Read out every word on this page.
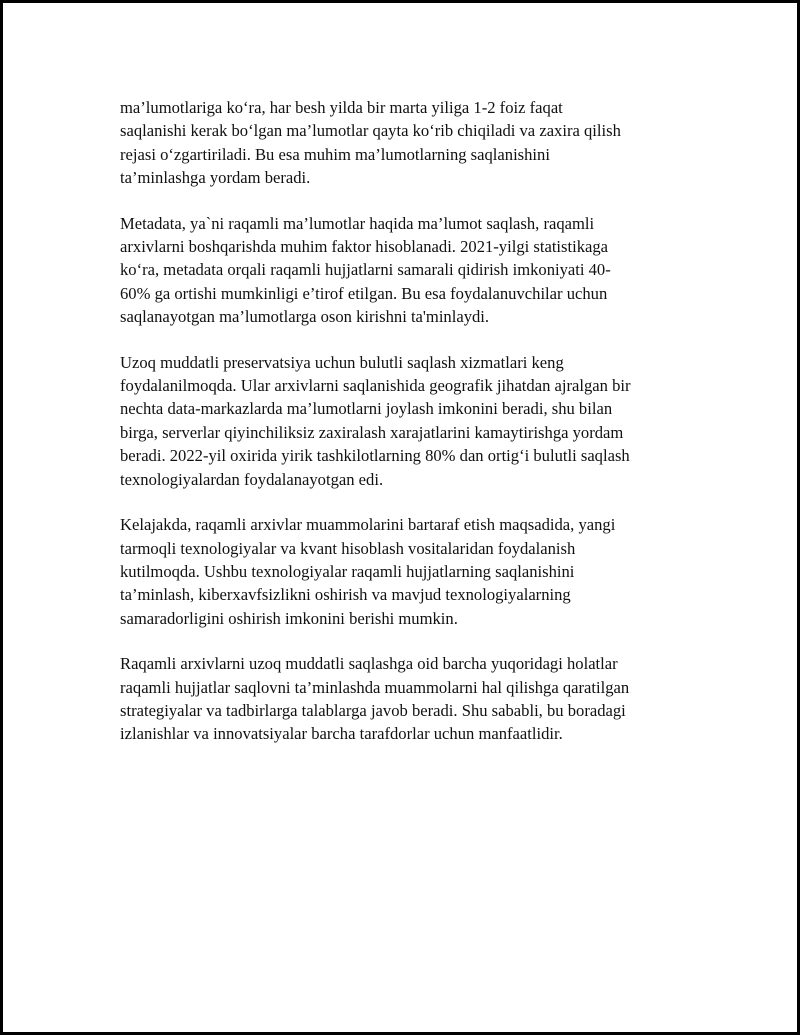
ma’lumotlariga ko‘ra, har besh yilda bir marta yiliga 1-2 foiz faqat
saqlanishi kerak bo‘lgan ma’lumotlar qayta ko‘rib chiqiladi va zaxira qilish
rejasi o‘zgartiriladi. Bu esa muhim ma’lumotlarning saqlanishini
ta’minlashga yordam beradi.

Metadata, ya`ni raqamli ma’lumotlar haqida ma’lumot saqlash, raqamli
arxivlarni boshqarishda muhim faktor hisoblanadi. 2021-yilgi statistikaga
ko‘ra, metadata orqali raqamli hujjatlarni samarali qidirish imkoniyati 40-
60% ga ortishi mumkinligi e’tirof etilgan. Bu esa foydalanuvchilar uchun
saqlanayotgan ma’lumotlarga oson kirishni ta'minlaydi.

Uzoq muddatli preservatsiya uchun bulutli saqlash xizmatlari keng
foydalanilmoqda. Ular arxivlarni saqlanishida geografik jihatdan ajralgan bir
nechta data-markazlarda ma’lumotlarni joylash imkonini beradi, shu bilan
birga, serverlar qiyinchiliksiz zaxiralash xarajatlarini kamaytirishga yordam
beradi. 2022-yil oxirida yirik tashkilotlarning 80% dan ortig‘i bulutli saqlash
texnologiyalardan foydalanayotgan edi.

Kelajakda, raqamli arxivlar muammolarini bartaraf etish maqsadida, yangi
tarmoqli texnologiyalar va kvant hisoblash vositalaridan foydalanish
kutilmoqda. Ushbu texnologiyalar raqamli hujjatlarning saqlanishini
ta’minlash, kiberxavfsizlikni oshirish va mavjud texnologiyalarning
samaradorligini oshirish imkonini berishi mumkin.

Raqamli arxivlarni uzoq muddatli saqlashga oid barcha yuqoridagi holatlar
raqamli hujjatlar saqlovni ta’minlashda muammolarni hal qilishga qaratilgan
strategiyalar va tadbirlarga talablarga javob beradi. Shu sababli, bu boradagi
izlanishlar va innovatsiyalar barcha tarafdorlar uchun manfaatlidir.
